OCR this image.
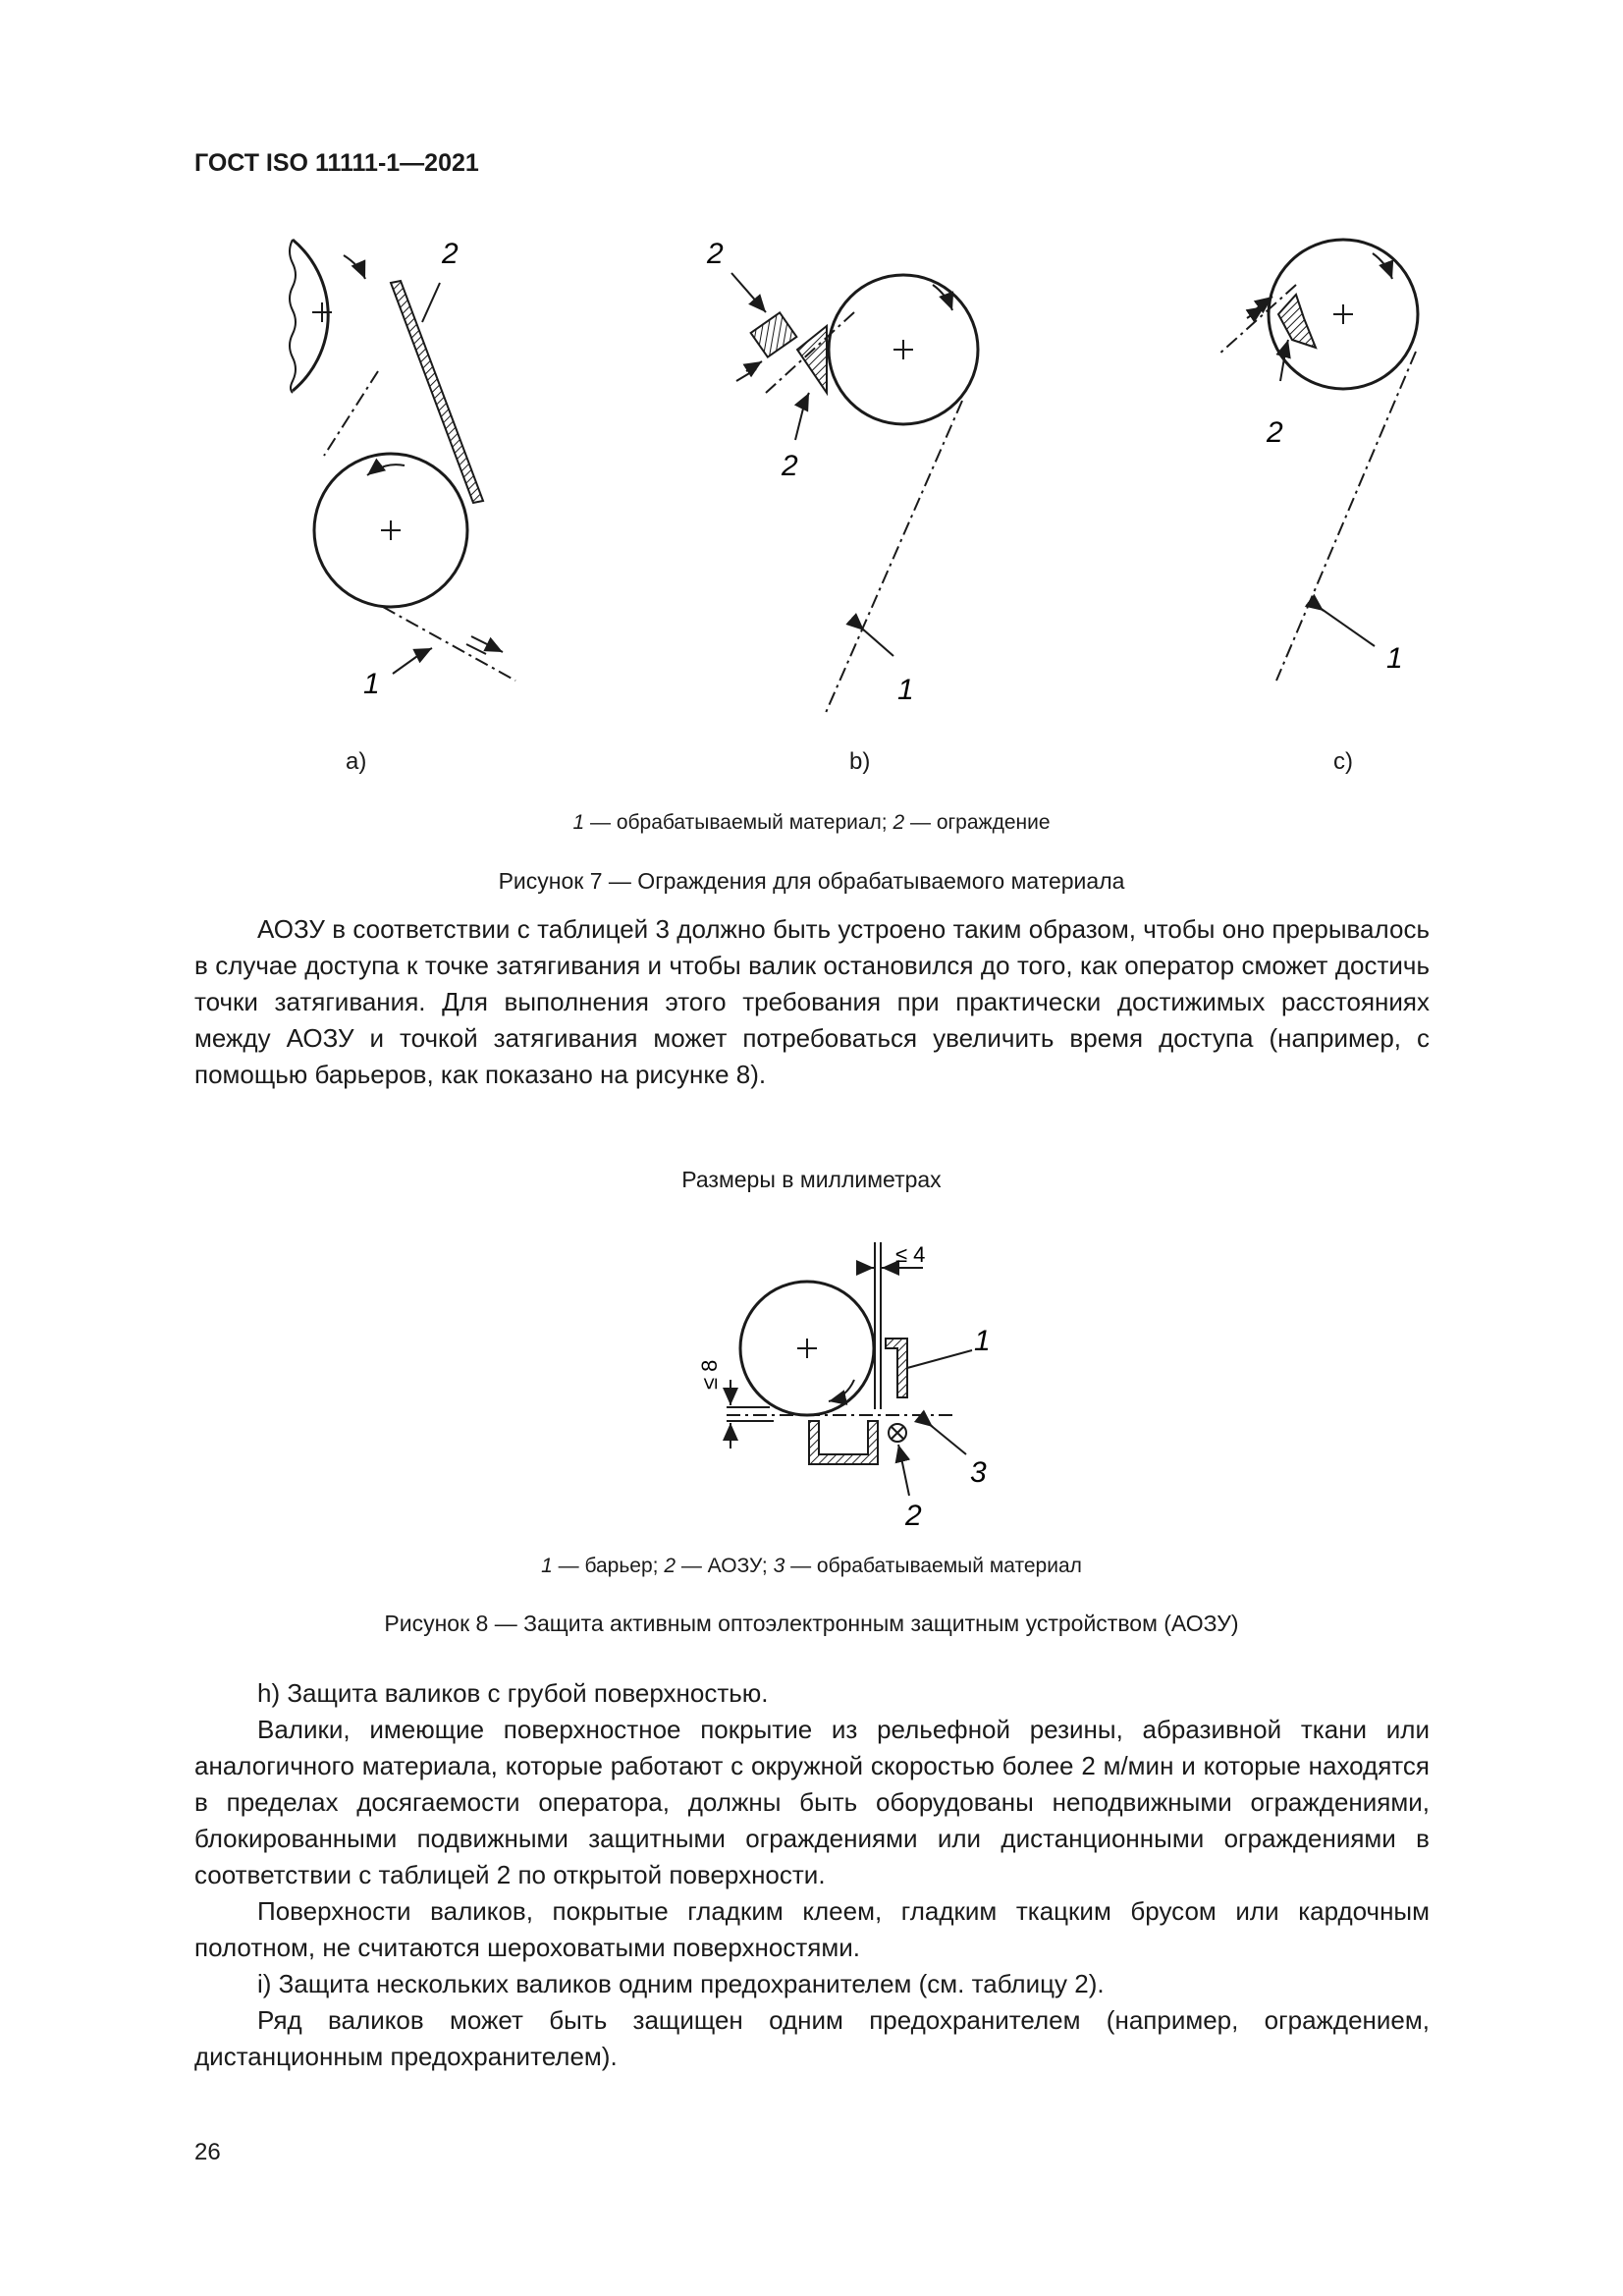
ГОСТ ISO 11111-1—2021
2
1
2
2
1
2
1
a)	b)	c)
1 — обрабатываемый материал; 2 — ограждение
Рисунок 7 — Ограждения для обрабатываемого материала

АОЗУ в соответствии с таблицей 3 должно быть устроено таким образом, чтобы оно прерывалось в случае доступа к точке затягивания и чтобы валик остановился до того, как оператор сможет достичь точки затягивания. Для выполнения этого требования при практически достижимых расстояниях между АОЗУ и точкой затягивания может потребоваться увеличить время доступа (например, с помощью барьеров, как показано на рисунке 8).

Размеры в миллиметрах
≤ 4
≤ 8
1
3
2
1 — барьер; 2 — АОЗУ; 3 — обрабатываемый материал
Рисунок 8 — Защита активным оптоэлектронным защитным устройством (АОЗУ)

h) Защита валиков с грубой поверхностью.

Валики, имеющие поверхностное покрытие из рельефной резины, абразивной ткани или аналогичного материала, которые работают с окружной скоростью более 2 м/мин и которые находятся в пределах досягаемости оператора, должны быть оборудованы неподвижными ограждениями, блокированными подвижными защитными ограждениями или дистанционными ограждениями в соответствии с таблицей 2 по открытой поверхности.

Поверхности валиков, покрытые гладким клеем, гладким ткацким брусом или кардочным полотном, не считаются шероховатыми поверхностями.

i) Защита нескольких валиков одним предохранителем (см. таблицу 2).

Ряд валиков может быть защищен одним предохранителем (например, ограждением, дистанционным предохранителем).

26
